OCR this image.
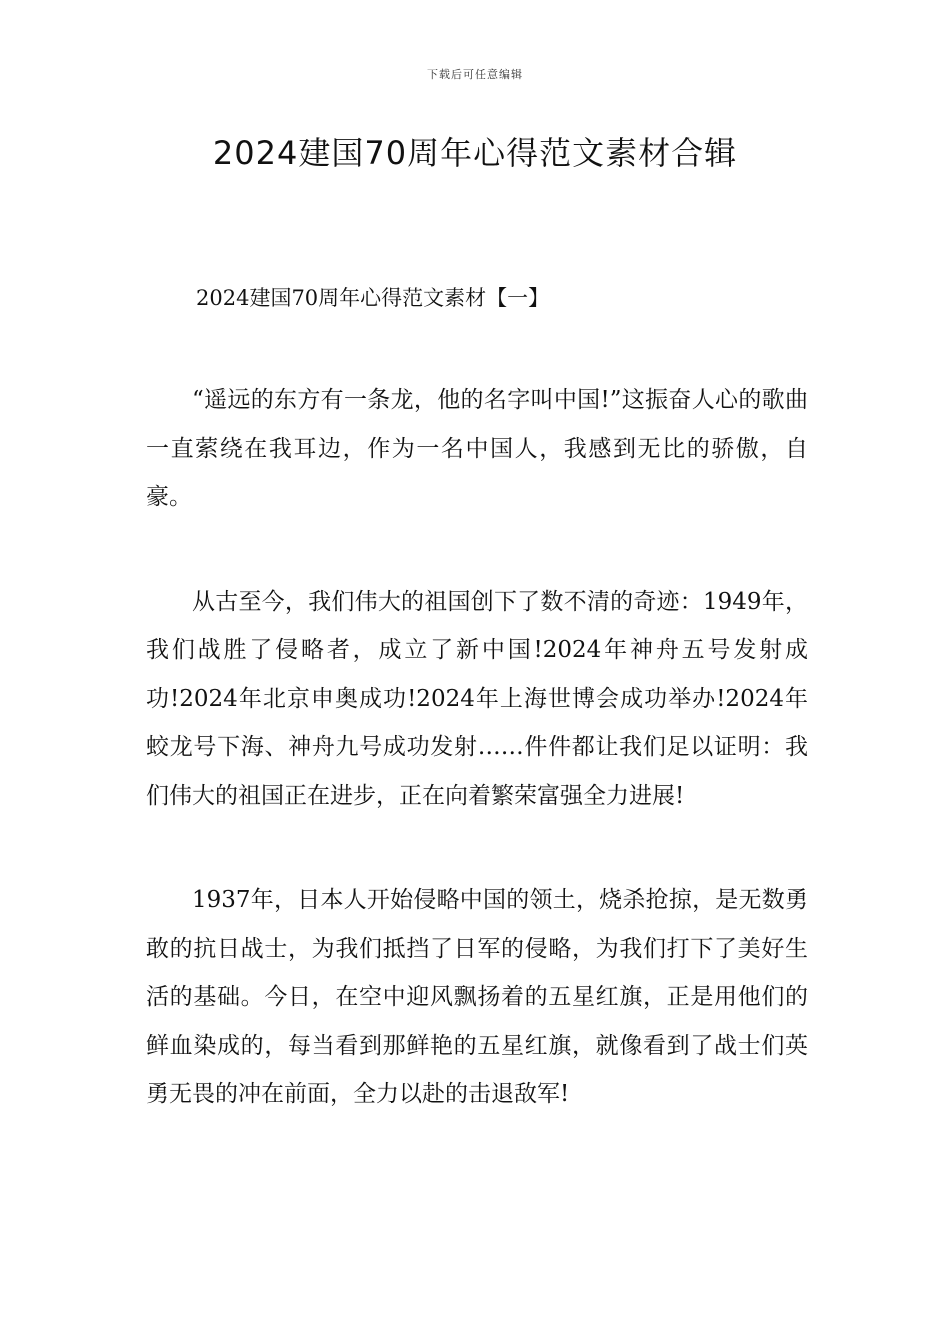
下载后可任意编辑
2024建国70周年心得范文素材合辑
2024建国70周年心得范文素材【一】

“遥远的东方有一条龙，他的名字叫中国!”这振奋人心的歌曲一直萦绕在我耳边，作为一名中国人，我感到无比的骄傲，自豪。

从古至今，我们伟大的祖国创下了数不清的奇迹：1949年，我们战胜了侵略者，成立了新中国!2024年神舟五号发射成功!2024年北京申奥成功!2024年上海世博会成功举办!2024年蛟龙号下海、神舟九号成功发射……件件都让我们足以证明：我们伟大的祖国正在进步，正在向着繁荣富强全力进展!

1937年，日本人开始侵略中国的领土，烧杀抢掠，是无数勇敢的抗日战士，为我们抵挡了日军的侵略，为我们打下了美好生活的基础。今日，在空中迎风飘扬着的五星红旗，正是用他们的鲜血染成的，每当看到那鲜艳的五星红旗，就像看到了战士们英勇无畏的冲在前面，全力以赴的击退敌军!
